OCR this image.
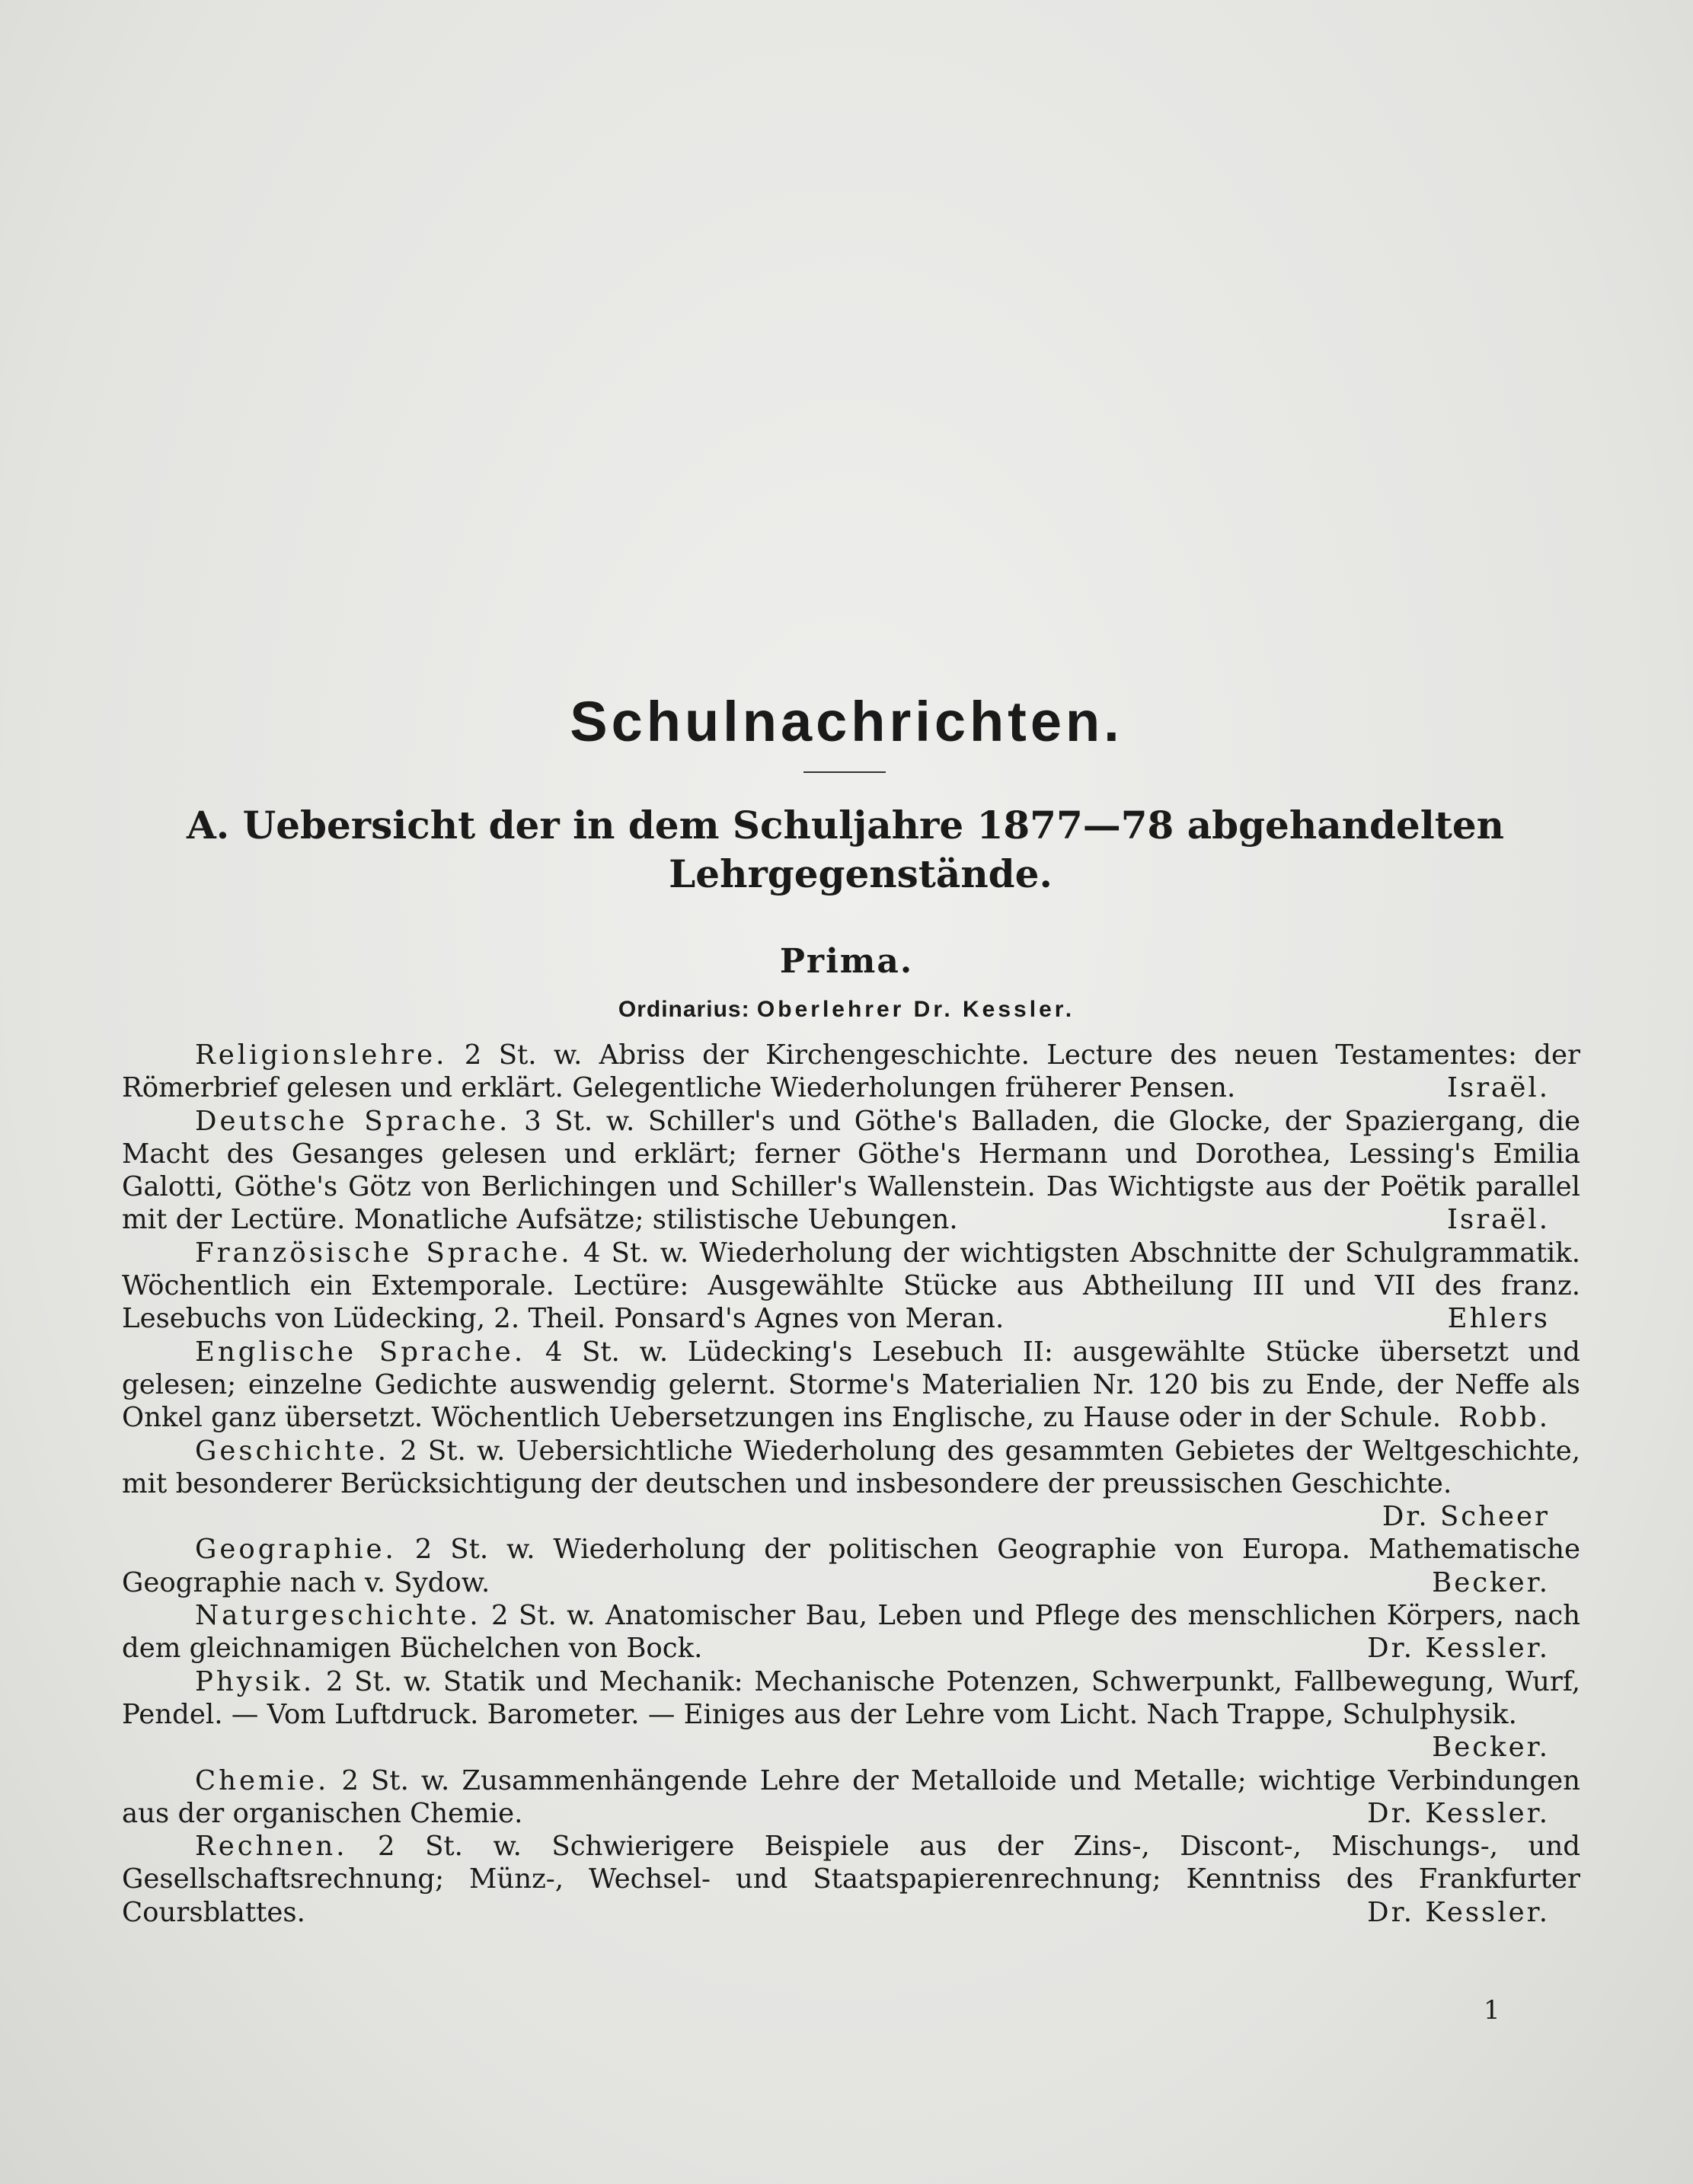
Schulnachrichten.
A. Uebersicht der in dem Schuljahre 1877—78 abgehandelten
Lehrgegenstände.
Prima.
Ordinarius: Oberlehrer Dr. Kessler.

Religionslehre. 2 St. w. Abriss der Kirchengeschichte. Lecture des neuen Testamentes: der Römerbrief gelesen und erklärt. Gelegentliche Wiederholungen früherer Pensen.	Israël.

Deutsche Sprache. 3 St. w. Schiller's und Göthe's Balladen, die Glocke, der Spaziergang, die Macht des Gesanges gelesen und erklärt; ferner Göthe's Hermann und Dorothea, Lessing's Emilia Galotti, Göthe's Götz von Berlichingen und Schiller's Wallenstein. Das Wichtigste aus der Poëtik parallel mit der Lectüre. Monatliche Aufsätze; stilistische Uebungen.	Israël.

Französische Sprache. 4 St. w. Wiederholung der wichtigsten Abschnitte der Schulgrammatik. Wöchentlich ein Extemporale. Lectüre: Ausgewählte Stücke aus Abtheilung III und VII des franz. Lesebuchs von Lüdecking, 2. Theil. Ponsard's Agnes von Meran.	Ehlers

Englische Sprache. 4 St. w. Lüdecking's Lesebuch II: ausgewählte Stücke übersetzt und gelesen; einzelne Gedichte auswendig gelernt. Storme's Materialien Nr. 120 bis zu Ende, der Neffe als Onkel ganz übersetzt. Wöchentlich Uebersetzungen ins Englische, zu Hause oder in der Schule. Robb.

Geschichte. 2 St. w. Uebersichtliche Wiederholung des gesammten Gebietes der Weltgeschichte, mit besonderer Berücksichtigung der deutschen und insbesondere der preussischen Geschichte.
Dr. Scheer

Geographie. 2 St. w. Wiederholung der politischen Geographie von Europa. Mathematische Geographie nach v. Sydow.	Becker.

Naturgeschichte. 2 St. w. Anatomischer Bau, Leben und Pflege des menschlichen Körpers, nach dem gleichnamigen Büchelchen von Bock.	Dr. Kessler.

Physik. 2 St. w. Statik und Mechanik: Mechanische Potenzen, Schwerpunkt, Fallbewegung, Wurf, Pendel. — Vom Luftdruck. Barometer. — Einiges aus der Lehre vom Licht. Nach Trappe, Schulphysik.
Becker.

Chemie. 2 St. w. Zusammenhängende Lehre der Metalloide und Metalle; wichtige Verbindungen aus der organischen Chemie.	Dr. Kessler.

Rechnen. 2 St. w. Schwierigere Beispiele aus der Zins-, Discont-, Mischungs-, und Gesellschaftsrechnung; Münz-, Wechsel- und Staatspapierenrechnung; Kenntniss des Frankfurter Coursblattes.	Dr. Kessler.

1
